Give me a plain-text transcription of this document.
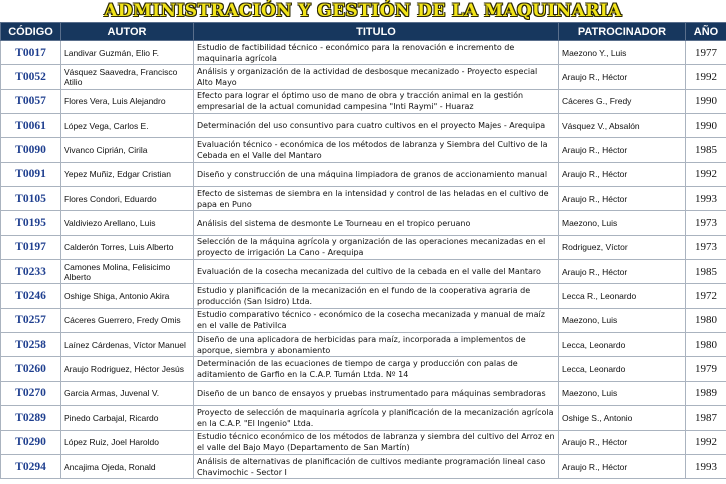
ADMINISTRACIÓN Y GESTIÓN DE LA MAQUINARIA
CÓDIGO	AUTOR	TITULO	PATROCINADOR	AÑO
T0017	Landivar Guzmán, Elio F.	Estudio de factibilidad técnico - económico para la renovación e incremento de maquinaria agrícola	Maezono Y., Luis	1977
T0052	Vásquez Saavedra, Francisco Atilio	Análisis y organización de la actividad de desbosque mecanizado - Proyecto especial Alto Mayo	Araujo R., Héctor	1992
T0057	Flores Vera, Luis Alejandro	Efecto para lograr el óptimo uso de mano de obra y tracción animal en la gestión empresarial de la actual comunidad campesina "Inti Raymi" - Huaraz	Cáceres G., Fredy	1990
T0061	López Vega, Carlos E.	Determinación del uso consuntivo para cuatro cultivos en el proyecto Majes - Arequipa	Vásquez V., Absalón	1990
T0090	Vivanco Ciprián, Cirila	Evaluación técnico - económica de los métodos de labranza y Siembra del Cultivo de la Cebada en el Valle del Mantaro	Araujo R., Héctor	1985
T0091	Yepez Muñiz, Edgar Cristian	Diseño y construcción de una máquina limpiadora de granos de accionamiento manual	Araujo R., Héctor	1992
T0105	Flores Condori, Eduardo	Efecto de sistemas de siembra en la intensidad y control de las heladas en el cultivo de papa en Puno	Araujo R., Héctor	1993
T0195	Valdiviezo Arellano, Luis	Análisis del sistema de desmonte Le Tourneau en el tropico peruano	Maezono, Luis	1973
T0197	Calderón Torres, Luis Alberto	Selección de la máquina agrícola y organización de las operaciones mecanizadas en el proyecto de irrigación La Cano - Arequipa	Rodriguez, Víctor	1973
T0233	Camones Molina, Felisicimo Alberto	Evaluación de la cosecha mecanizada del cultivo de la cebada en el valle del Mantaro	Araujo R., Héctor	1985
T0246	Oshige Shiga, Antonio Akira	Estudio y planificación de la mecanización en el fundo de la cooperativa agraria de producción (San Isidro) Ltda.	Lecca R., Leonardo	1972
T0257	Cáceres Guerrero, Fredy Omis	Estudio comparativo técnico - económico de la cosecha mecanizada y manual de maíz en el valle de Pativilca	Maezono, Luis	1980
T0258	Laínez Cárdenas, Víctor Manuel	Diseño de una aplicadora de herbicidas para maíz, incorporada a implementos de aporque, siembra y abonamiento	Lecca, Leonardo	1980
T0260	Araujo Rodriguez, Héctor Jesús	Determinación de las ecuaciones de tiempo de carga y producción con palas de aditamiento de Garfio en la C.A.P. Tumán Ltda. Nº 14	Lecca, Leonardo	1979
T0270	Garcia Armas, Juvenal V.	Diseño de un banco de ensayos y pruebas instrumentado para máquinas sembradoras	Maezono, Luis	1989
T0289	Pinedo Carbajal, Ricardo	Proyecto de selección de maquinaria agrícola y planificación de la mecanización agrícola en la C.A.P. "El Ingenio" Ltda.	Oshige S., Antonio	1987
T0290	López Ruiz, Joel Haroldo	Estudio técnico económico de los métodos de labranza y siembra del cultivo del Arroz en el valle del Bajo Mayo (Departamento de San Martín)	Araujo R., Héctor	1992
T0294	Ancajima Ojeda, Ronald	Análisis de alternativas de planificación de cultivos mediante programación lineal caso Chavimochic - Sector I	Araujo R., Héctor	1993
